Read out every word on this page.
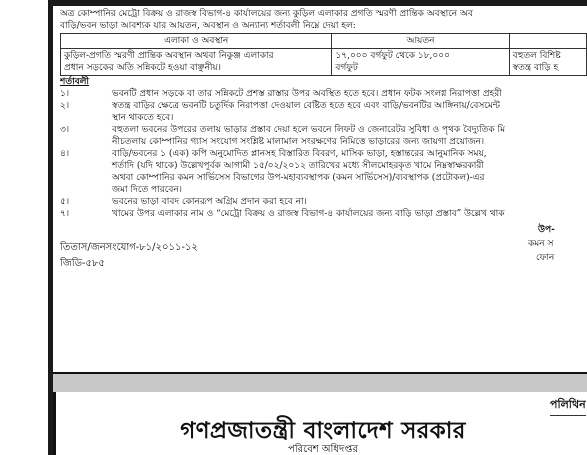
অত্র কোম্পানির মেট্রো বিক্রয় ও রাজস্ব বিভাগ-৪ কার্যালয়ের জন্য কুড়িল এলাকার প্রগতি স্মরণী প্রান্তিক অবস্থানে অব
বাড়ি/ভবন ভাড়া আবশ্যক যার আয়তন, অবস্থান ও অন্যান্য শর্তাবলী নিম্নে দেয়া হল:

এলাকা ও অবস্থান	আয়তন	
কুড়িল-প্রগতি স্মরণী প্রান্তিক অবস্থান অথবা নিকুঞ্জ এলাকার
প্রধান সড়কের অতি সন্নিকটে হওয়া বাঞ্ছনীয়।	১৭,০০০ বর্গফুট থেকে ১৮,০০০
বর্গফুট	বহুতল বিশিষ্ট
স্বতন্ত্র বাড়ি হ

শর্তাবলী

১।	ভবনটি প্রধান সড়কে বা তার সন্নিকটে প্রশস্ত রাস্তার উপর অবস্থিত হতে হবে। প্রধান ফটক সংলগ্ন নিরাপত্তা প্রহরী
২।	স্বতন্ত্র বাড়ির ক্ষেত্রে ভবনটি চতুর্দিক নিরাপত্তা দেওয়াল বেষ্টিত হতে হবে এবং বাড়ি/ভবনটির আঙ্গিনায়/বেসমেন্ট
স্থান থাকতে হবে।
৩।	বহুতলা ভবনের উপরের তলায় ভাড়ার প্রস্তাব দেয়া হলে ভবনে লিফট ও জেনারেটর সুবিধা ও পৃথক বৈদ্যুতিক মি
নীচতলায় কোম্পানির গ্যাস সংযোগ সংশ্লিষ্ট মালামাল সংরক্ষণের নিমিত্তে ভাড়ারের জন্য জায়গা প্রয়োজন।
৪।	বাড়ি/ভবনের ১ (এক) কপি অনুমোদিত প্লানসহ বিস্তারিত বিবরণ, মাসিক ভাড়া, হস্তান্তরের আনুমানিক সময়,
শর্তাদি (যদি থাকে) উল্লেখপূর্বক আগামী ১৫/০২/২০১২ তারিখের মধ্যে সীলমোহরকৃত খামে নিম্নস্বাক্ষরকারী
অথবা কোম্পানির কমন সার্ভিসেস বিভাগের উপ-মহাব্যবস্থাপক (কমন সার্ভিসেস)/ব্যবস্থাপক (প্রটোকল)-এর
জমা দিতে পারবেন।
৫।	ভবনের ভাড়া বাবদ কোনরূপ অগ্রিম প্রদান করা হবে না।
৭।	খামের উপর এলাকার নাম ও “মেট্রো বিক্রয় ও রাজস্ব বিভাগ-৪ কার্যালয়ের জন্য বাড়ি ভাড়া প্রস্তাব” উল্লেখ থাক
উপ-
কমন স
ফোন
তিতাস/জনসংযোগ-৮১/২০১১-১২
জিডি-৫৮৫
পলিথিন
গণপ্রজাতন্ত্রী বাংলাদেশ সরকার
পরিবেশ অধিদপ্তর
